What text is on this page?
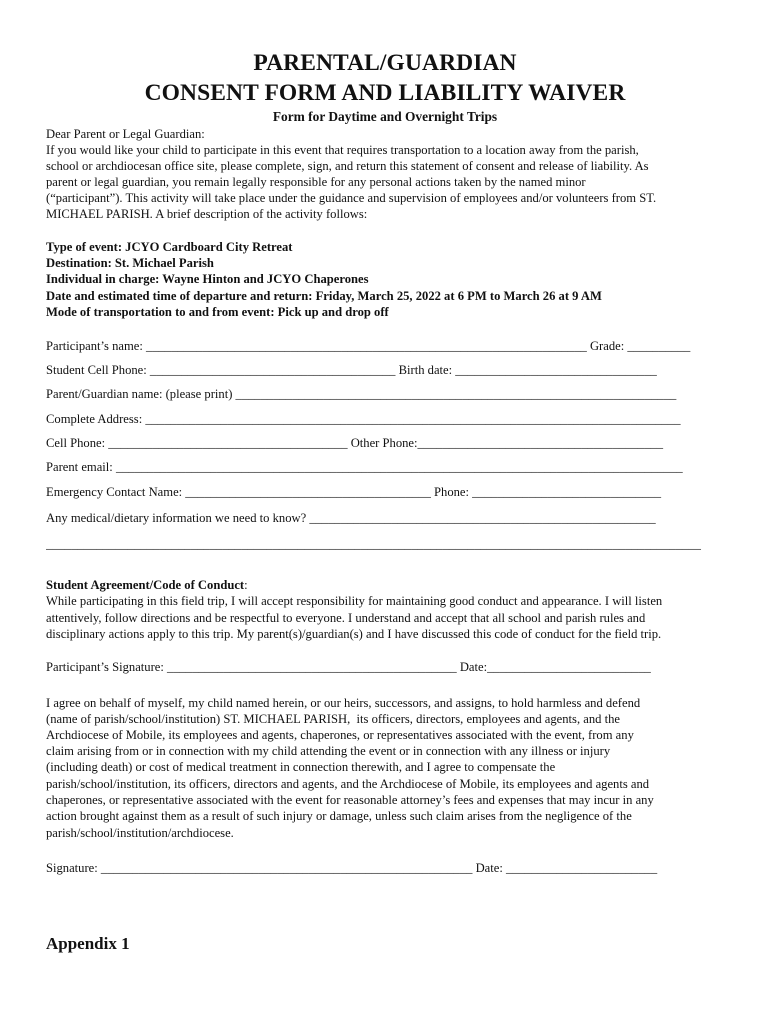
PARENTAL/GUARDIAN
CONSENT FORM AND LIABILITY WAIVER
Form for Daytime and Overnight Trips
Dear Parent or Legal Guardian:
If you would like your child to participate in this event that requires transportation to a location away from the parish,
school or archdiocesan office site, please complete, sign, and return this statement of consent and release of liability. As
parent or legal guardian, you remain legally responsible for any personal actions taken by the named minor
(“participant”). This activity will take place under the guidance and supervision of employees and/or volunteers from ST.
MICHAEL PARISH. A brief description of the activity follows:
Type of event: JCYO Cardboard City Retreat
Destination: St. Michael Parish
Individual in charge: Wayne Hinton and JCYO Chaperones
Date and estimated time of departure and return: Friday, March 25, 2022 at 6 PM to March 26 at 9 AM
Mode of transportation to and from event: Pick up and drop off
Participant’s name: ______________________________________________________________________ Grade: __________
Student Cell Phone: _______________________________________ Birth date: ________________________________
Parent/Guardian name: (please print) ______________________________________________________________________
Complete Address: _____________________________________________________________________________________
Cell Phone: ______________________________________ Other Phone:_______________________________________
Parent email: __________________________________________________________________________________________
Emergency Contact Name: _______________________________________ Phone: ______________________________
Any medical/dietary information we need to know? _______________________________________________________
________________________________________________________________________________________________________
Student Agreement/Code of Conduct:
While participating in this field trip, I will accept responsibility for maintaining good conduct and appearance. I will listen
attentively, follow directions and be respectful to everyone. I understand and accept that all school and parish rules and
disciplinary actions apply to this trip. My parent(s)/guardian(s) and I have discussed this code of conduct for the field trip.
Participant’s Signature: ______________________________________________ Date:__________________________
I agree on behalf of myself, my child named herein, or our heirs, successors, and assigns, to hold harmless and defend
(name of parish/school/institution) ST. MICHAEL PARISH,  its officers, directors, employees and agents, and the
Archdiocese of Mobile, its employees and agents, chaperones, or representatives associated with the event, from any
claim arising from or in connection with my child attending the event or in connection with any illness or injury
(including death) or cost of medical treatment in connection therewith, and I agree to compensate the
parish/school/institution, its officers, directors and agents, and the Archdiocese of Mobile, its employees and agents and
chaperones, or representative associated with the event for reasonable attorney’s fees and expenses that may incur in any
action brought against them as a result of such injury or damage, unless such claim arises from the negligence of the
parish/school/institution/archdiocese.
Signature: ___________________________________________________________ Date: ________________________
Appendix 1
